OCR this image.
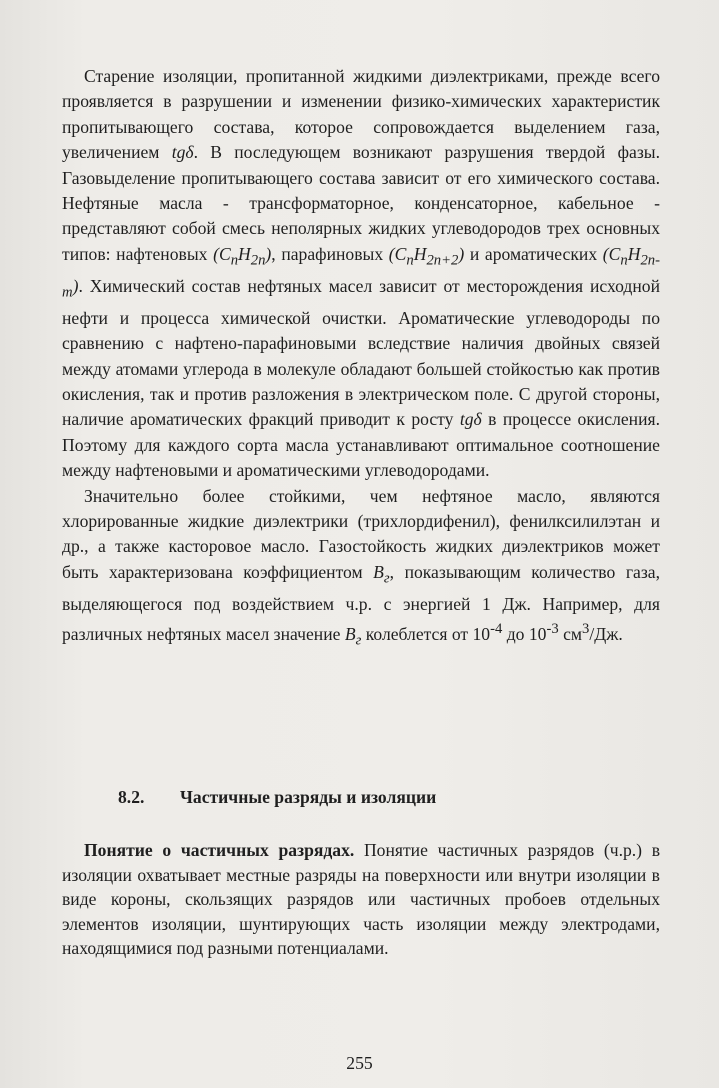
Старение изоляции, пропитанной жидкими диэлектриками, прежде всего проявляется в разрушении и изменении физико-химических характеристик пропитывающего состава, которое сопровождается выделением газа, увеличением tgδ. В последующем возникают разрушения твердой фазы. Газовыделение пропитывающего состава зависит от его химического состава. Нефтяные масла - трансформаторное, конденсаторное, кабельное - представляют собой смесь неполярных жидких углеводородов трех основных типов: нафтеновых $(C_nH_{2n})$, парафиновых $(C_nH_{2n+2})$ и ароматических $(C_nH_{2n-m})$. Химический состав нефтяных масел зависит от месторождения исходной нефти и процесса химической очистки. Ароматические углеводороды по сравнению с нафтено-парафиновыми вследствие наличия двойных связей между атомами углерода в молекуле обладают большей стойкостью как против окисления, так и против разложения в электрическом поле. С другой стороны, наличие ароматических фракций приводит к росту tgδ в процессе окисления. Поэтому для каждого сорта масла устанавливают оптимальное соотношение между нафтеновыми и ароматическими углеводородами.

Значительно более стойкими, чем нефтяное масло, являются хлорированные жидкие диэлектрики (трихлордифенил), фенилксилилэтан и др., а также касторовое масло. Газостойкость жидких диэлектриков может быть характеризована коэффициентом $B_г$, показывающим количество газа, выделяющегося под воздействием ч.р. с энергией 1 Дж. Например, для различных нефтяных масел значение $B_г$ колеблется от $10^{-4}$ до $10^{-3}$ $см^3/Дж$.

8.2. Частичные разряды и изоляции

Понятие о частичных разрядах. Понятие частичных разрядов (ч.р.) в изоляции охватывает местные разряды на поверхности или внутри изоляции в виде короны, скользящих разрядов или частичных пробоев отдельных элементов изоляции, шунтирующих часть изоляции между электродами, находящимися под разными потенциалами.

255
